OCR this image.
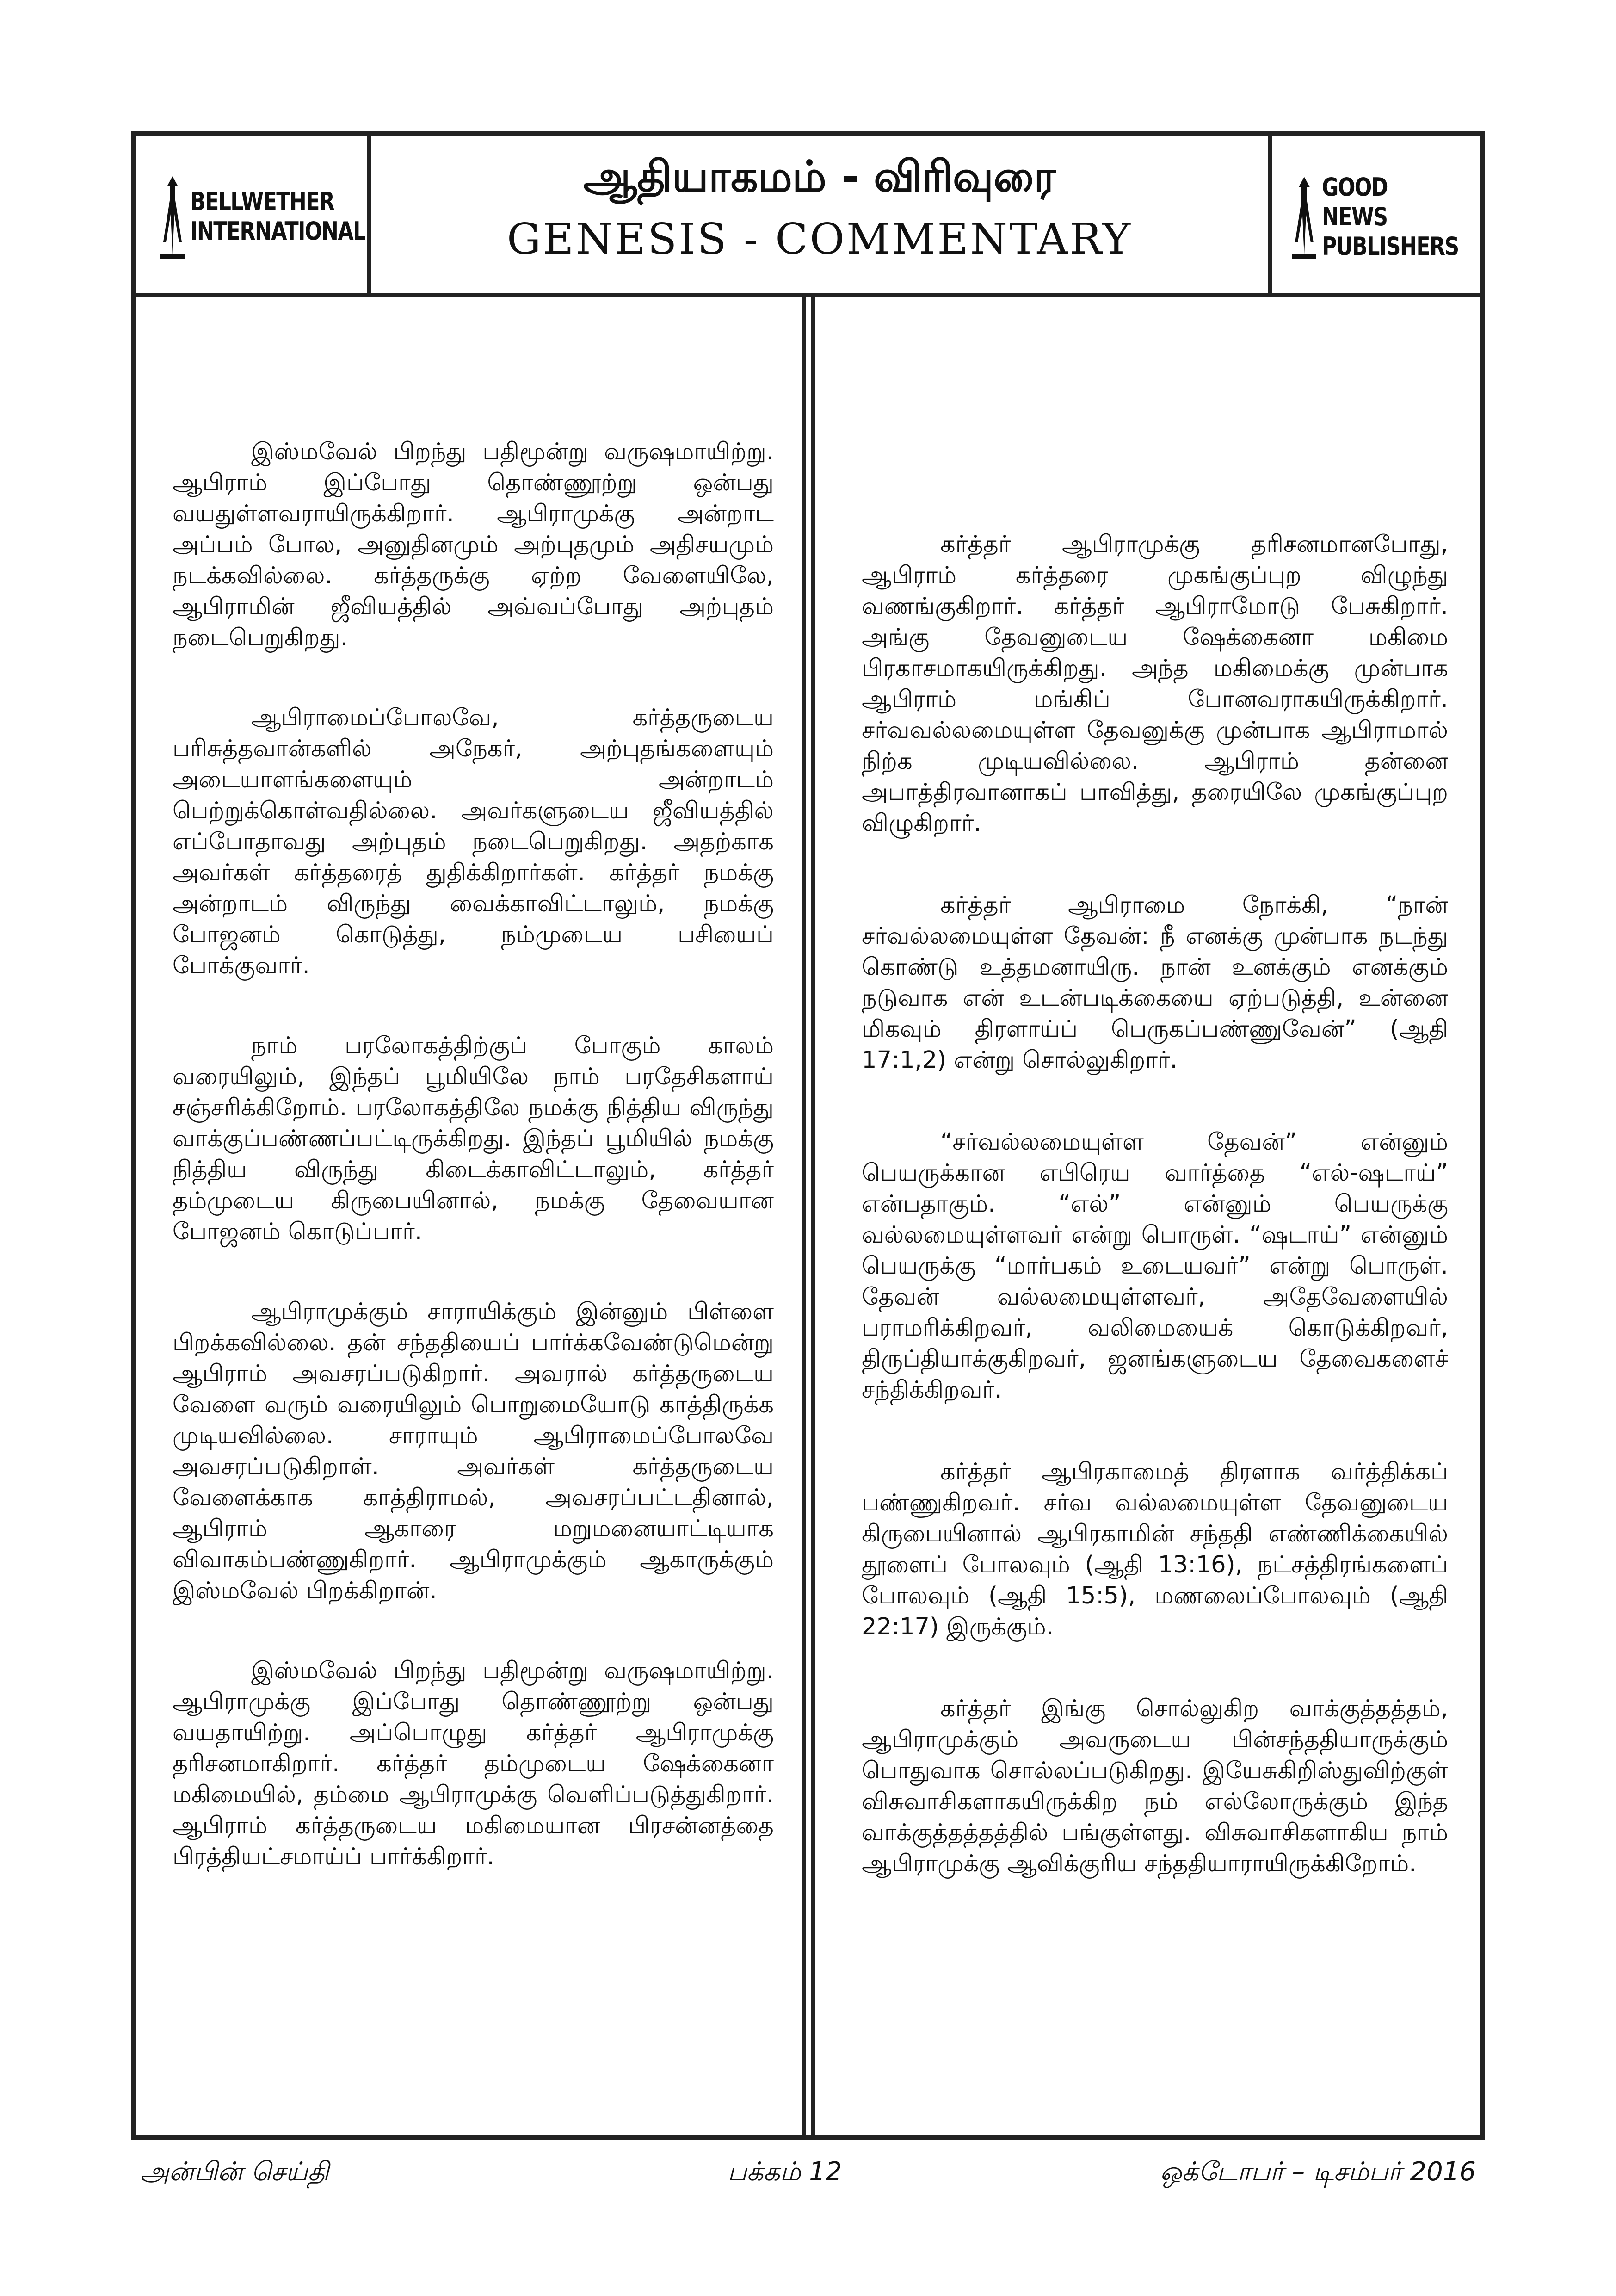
BELLWETHER
INTERNATIONAL
ஆதியாகமம் - விரிவுரை
GENESIS - COMMENTARY
GOOD NEWS
PUBLISHERS

இஸ்மவேல் பிறந்து பதிமூன்று வருஷமாயிற்று. ஆபிராம் இப்போது தொண்ணூற்று ஒன்பது வயதுள்ளவராயிருக்கிறார். ஆபிராமுக்கு அன்றாட அப்பம் போல, அனுதினமும் அற்புதமும் அதிசயமும் நடக்கவில்லை. கர்த்தருக்கு ஏற்ற வேளையிலே, ஆபிராமின் ஜீவியத்தில் அவ்வப்போது அற்புதம் நடைபெறுகிறது.

ஆபிராமைப்போலவே, கர்த்தருடைய பரிசுத்தவான்களில் அநேகர், அற்புதங்களையும் அடையாளங்களையும் அன்றாடம் பெற்றுக்கொள்வதில்லை. அவர்களுடைய ஜீவியத்தில் எப்போதாவது அற்புதம் நடைபெறுகிறது. அதற்காக அவர்கள் கர்த்தரைத் துதிக்கிறார்கள். கர்த்தர் நமக்கு அன்றாடம் விருந்து வைக்காவிட்டாலும், நமக்கு போஜனம் கொடுத்து, நம்முடைய பசியைப் போக்குவார்.

நாம் பரலோகத்திற்குப் போகும் காலம் வரையிலும், இந்தப் பூமியிலே நாம் பரதேசிகளாய் சஞ்சரிக்கிறோம். பரலோகத்திலே நமக்கு நித்திய விருந்து வாக்குப்பண்ணப்பட்டிருக்கிறது. இந்தப் பூமியில் நமக்கு நித்திய விருந்து கிடைக்காவிட்டாலும், கர்த்தர் தம்முடைய கிருபையினால், நமக்கு தேவையான போஜனம் கொடுப்பார்.

ஆபிராமுக்கும் சாராயிக்கும் இன்னும் பிள்ளை பிறக்கவில்லை. தன் சந்ததியைப் பார்க்கவேண்டுமென்று ஆபிராம் அவசரப்படுகிறார். அவரால் கர்த்தருடைய வேளை வரும் வரையிலும் பொறுமையோடு காத்திருக்க முடியவில்லை. சாராயும் ஆபிராமைப்போலவே அவசரப்படுகிறாள். அவர்கள் கர்த்தருடைய வேளைக்காக காத்திராமல், அவசரப்பட்டதினால், ஆபிராம் ஆகாரை மறுமனையாட்டியாக விவாகம்பண்ணுகிறார். ஆபிராமுக்கும் ஆகாருக்கும் இஸ்மவேல் பிறக்கிறான்.

இஸ்மவேல் பிறந்து பதிமூன்று வருஷமாயிற்று. ஆபிராமுக்கு இப்போது தொண்ணூற்று ஒன்பது வயதாயிற்று. அப்பொழுது கர்த்தர் ஆபிராமுக்கு தரிசனமாகிறார். கர்த்தர் தம்முடைய ஷேக்கைனா மகிமையில், தம்மை ஆபிராமுக்கு வெளிப்படுத்துகிறார். ஆபிராம் கர்த்தருடைய மகிமையான பிரசன்னத்தை பிரத்தியட்சமாய்ப் பார்க்கிறார்.

கர்த்தர் ஆபிராமுக்கு தரிசனமானபோது, ஆபிராம் கர்த்தரை முகங்குப்புற விழுந்து வணங்குகிறார். கர்த்தர் ஆபிராமோடு பேசுகிறார். அங்கு தேவனுடைய ஷேக்கைனா மகிமை பிரகாசமாகயிருக்கிறது. அந்த மகிமைக்கு முன்பாக ஆபிராம் மங்கிப் போனவராகயிருக்கிறார். சர்வவல்லமையுள்ள தேவனுக்கு முன்பாக ஆபிராமால் நிற்க முடியவில்லை. ஆபிராம் தன்னை அபாத்திரவானாகப் பாவித்து, தரையிலே முகங்குப்புற விழுகிறார்.

கர்த்தர் ஆபிராமை நோக்கி, “நான் சர்வல்லமையுள்ள தேவன்: நீ எனக்கு முன்பாக நடந்து கொண்டு உத்தமனாயிரு. நான் உனக்கும் எனக்கும் நடுவாக என் உடன்படிக்கையை ஏற்படுத்தி, உன்னை மிகவும் திரளாய்ப் பெருகப்பண்ணுவேன்” (ஆதி 17:1,2) என்று சொல்லுகிறார்.

“சர்வல்லமையுள்ள தேவன்” என்னும் பெயருக்கான எபிரெய வார்த்தை “எல்-ஷடாய்” என்பதாகும். “எல்” என்னும் பெயருக்கு வல்லமையுள்ளவர் என்று பொருள். “ஷடாய்” என்னும் பெயருக்கு “மார்பகம் உடையவர்” என்று பொருள். தேவன் வல்லமையுள்ளவர், அதேவேளையில் பராமரிக்கிறவர், வலிமையைக் கொடுக்கிறவர், திருப்தியாக்குகிறவர், ஜனங்களுடைய தேவைகளைச் சந்திக்கிறவர்.

கர்த்தர் ஆபிரகாமைத் திரளாக வர்த்திக்கப் பண்ணுகிறவர். சர்வ வல்லமையுள்ள தேவனுடைய கிருபையினால் ஆபிரகாமின் சந்ததி எண்ணிக்கையில் தூளைப் போலவும் (ஆதி 13:16), நட்சத்திரங்களைப் போலவும் (ஆதி 15:5), மணலைப்போலவும் (ஆதி 22:17) இருக்கும்.

கர்த்தர் இங்கு சொல்லுகிற வாக்குத்தத்தம், ஆபிராமுக்கும் அவருடைய பின்சந்ததியாருக்கும் பொதுவாக சொல்லப்படுகிறது. இயேசுகிறிஸ்துவிற்குள் விசுவாசிகளாகயிருக்கிற நம் எல்லோருக்கும் இந்த வாக்குத்தத்தத்தில் பங்குள்ளது. விசுவாசிகளாகிய நாம் ஆபிராமுக்கு ஆவிக்குரிய சந்ததியாராயிருக்கிறோம்.

அன்பின் செய்தி	பக்கம் 12	ஒக்டோபர் – டிசம்பர் 2016
